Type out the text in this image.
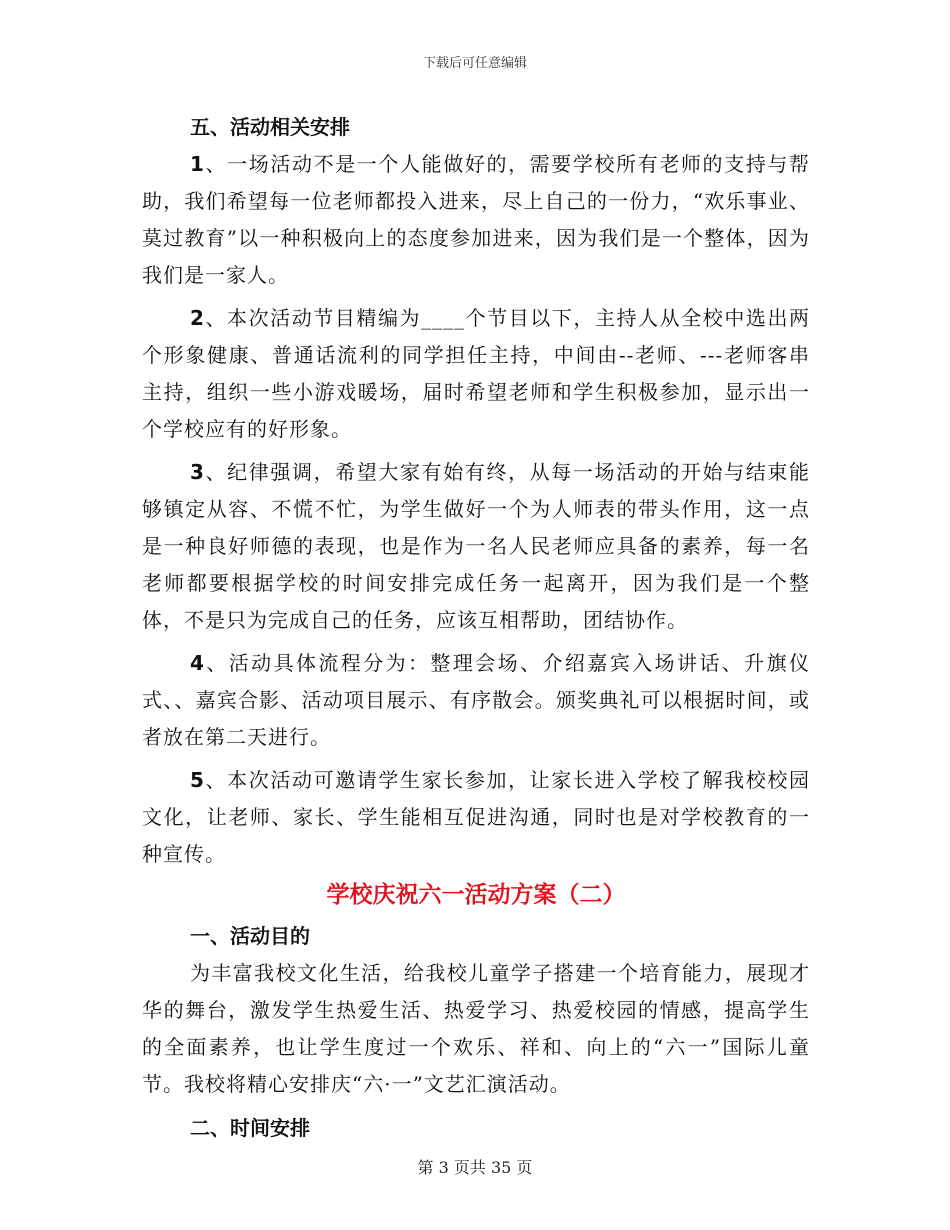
下载后可任意编辑

五、活动相关安排

1、一场活动不是一个人能做好的，需要学校所有老师的支持与帮助，我们希望每一位老师都投入进来，尽上自己的一份力，“欢乐事业、莫过教育”以一种积极向上的态度参加进来，因为我们是一个整体，因为我们是一家人。

2、本次活动节目精编为____个节目以下，主持人从全校中选出两个形象健康、普通话流利的同学担任主持，中间由--老师、---老师客串主持，组织一些小游戏暖场，届时希望老师和学生积极参加，显示出一个学校应有的好形象。

3、纪律强调，希望大家有始有终，从每一场活动的开始与结束能够镇定从容、不慌不忙，为学生做好一个为人师表的带头作用，这一点是一种良好师德的表现，也是作为一名人民老师应具备的素养，每一名老师都要根据学校的时间安排完成任务一起离开，因为我们是一个整体，不是只为完成自己的任务，应该互相帮助，团结协作。

4、活动具体流程分为：整理会场、介绍嘉宾入场讲话、升旗仪式、、嘉宾合影、活动项目展示、有序散会。颁奖典礼可以根据时间，或者放在第二天进行。

5、本次活动可邀请学生家长参加，让家长进入学校了解我校校园文化，让老师、家长、学生能相互促进沟通，同时也是对学校教育的一种宣传。

学校庆祝六一活动方案（二）

一、活动目的

为丰富我校文化生活，给我校儿童学子搭建一个培育能力，展现才华的舞台，激发学生热爱生活、热爱学习、热爱校园的情感，提高学生的全面素养，也让学生度过一个欢乐、祥和、向上的“六一”国际儿童节。我校将精心安排庆“六·一”文艺汇演活动。

二、时间安排

第 3 页共 35 页
